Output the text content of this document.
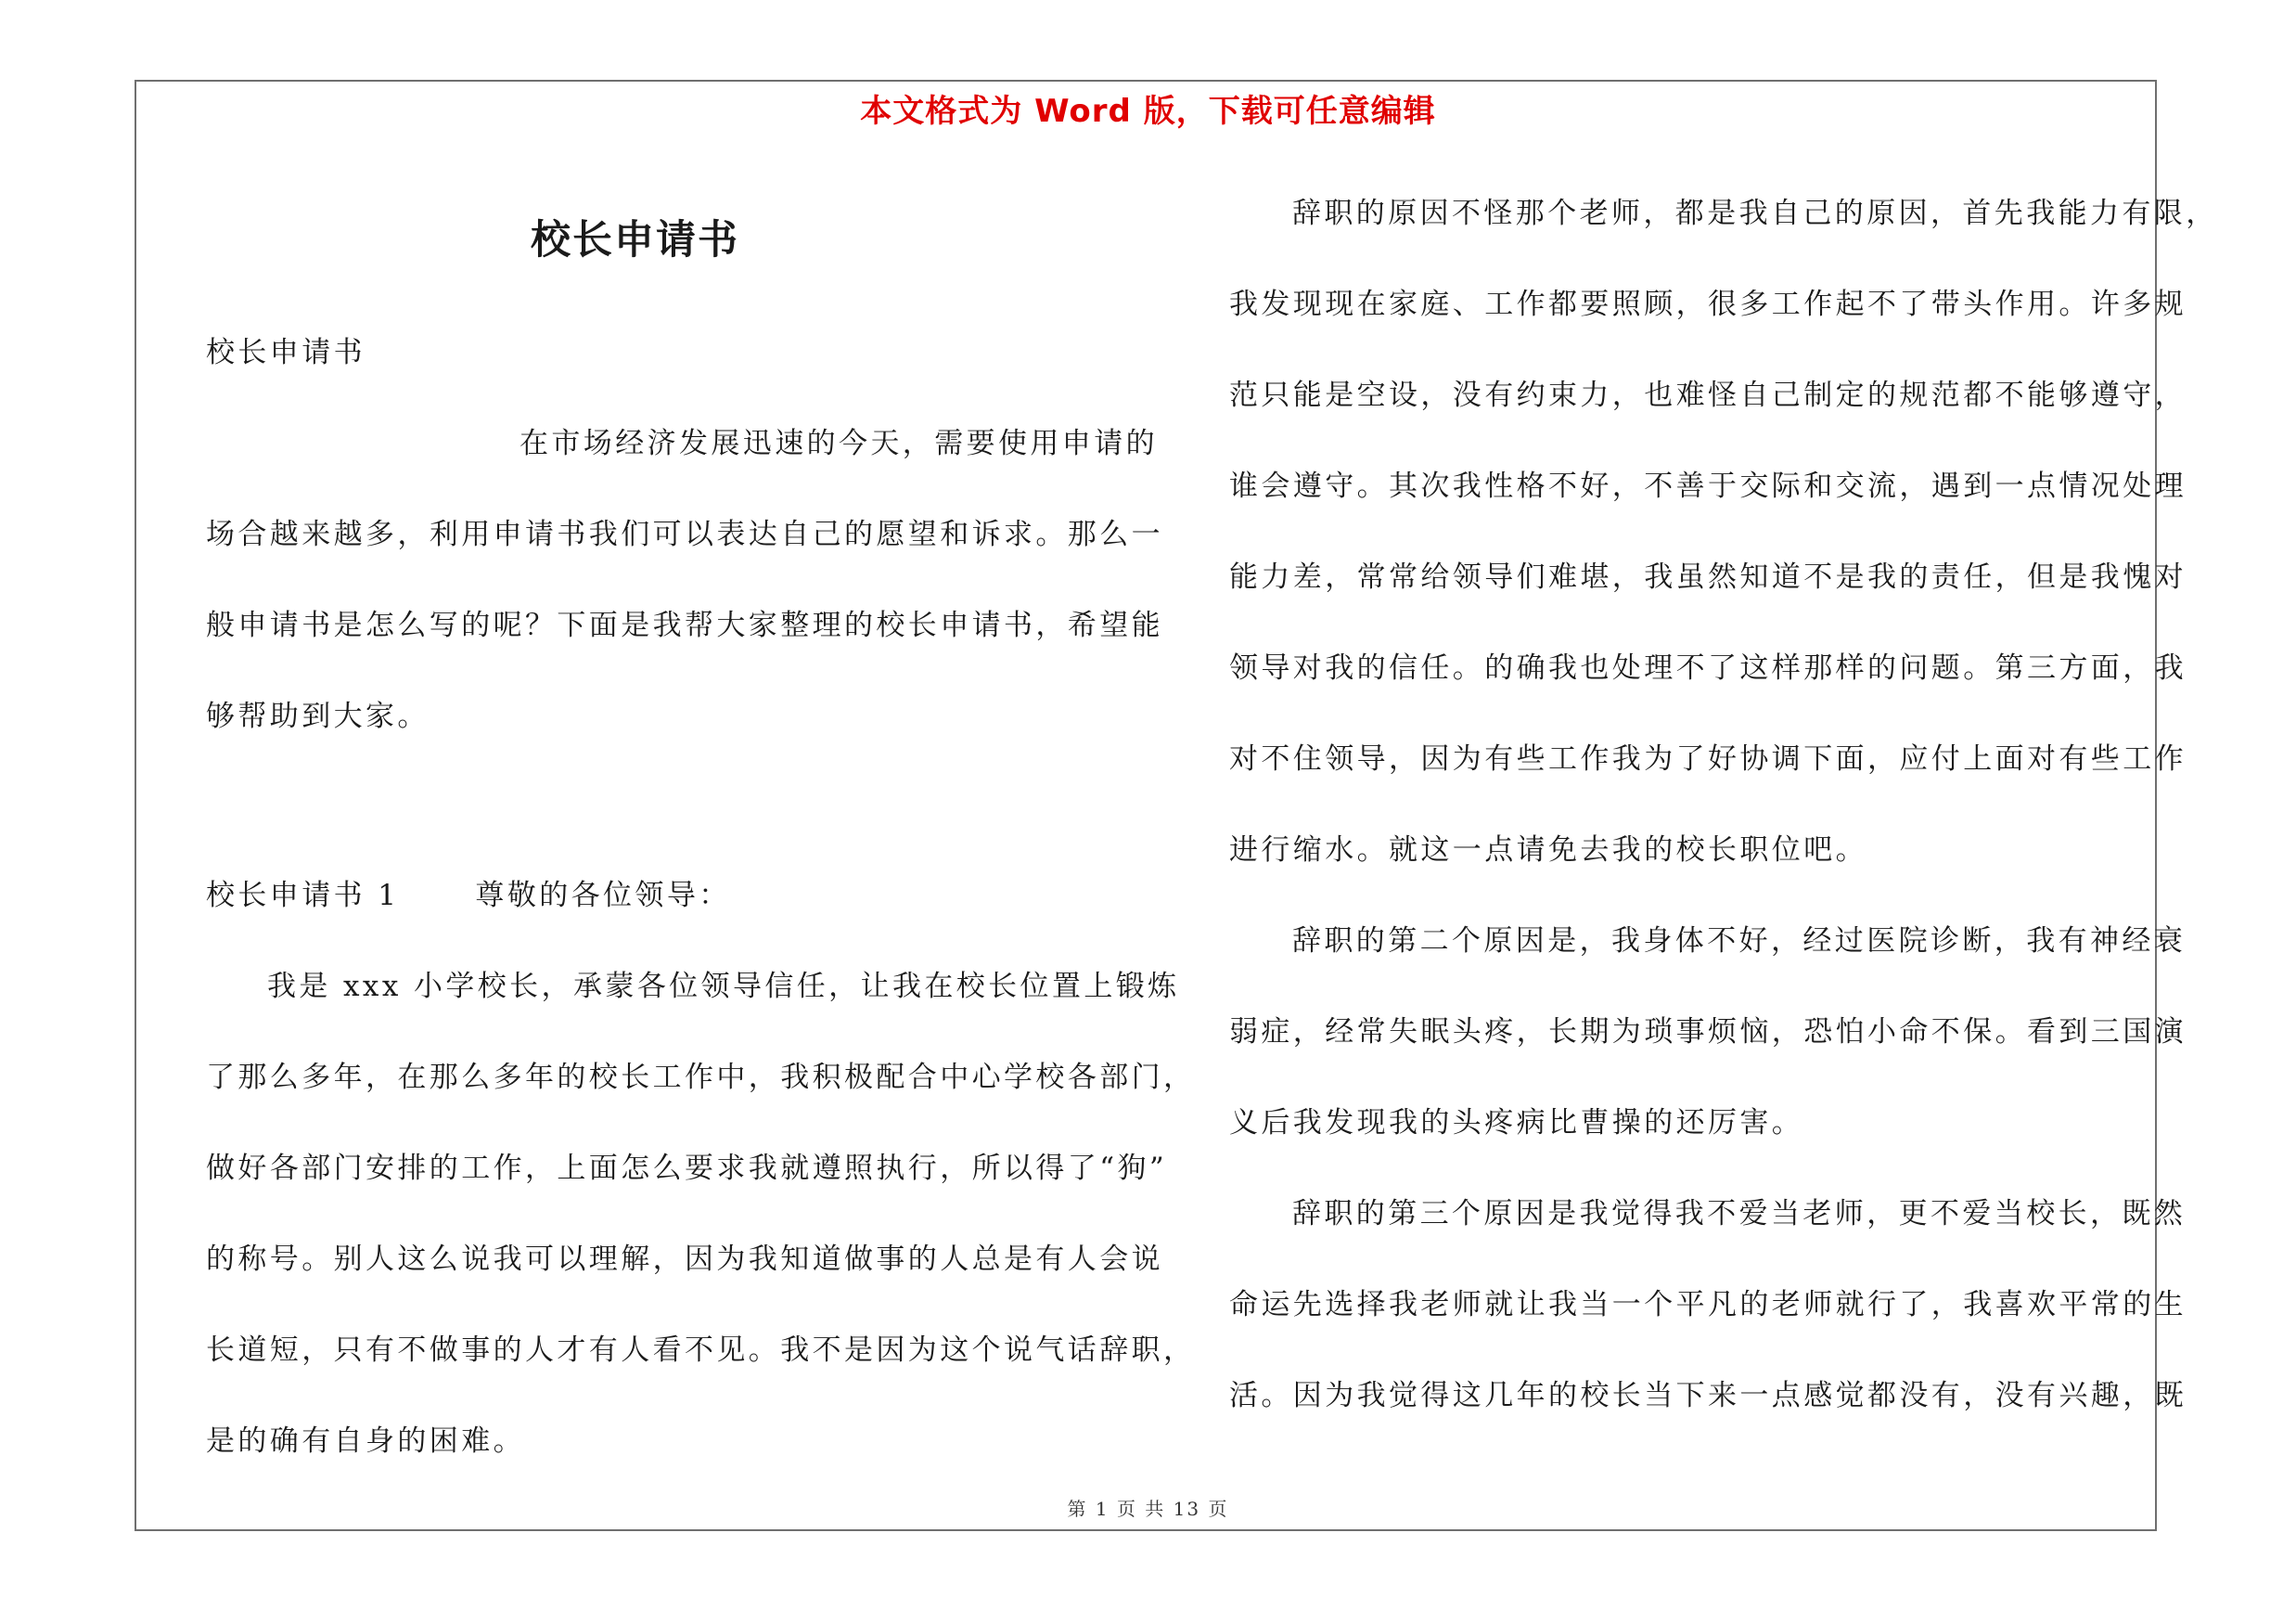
本文格式为 Word 版，下载可任意编辑
校长申请书
校长申请书
在市场经济发展迅速的今天，需要使用申请的
场合越来越多，利用申请书我们可以表达自己的愿望和诉求。那么一
般申请书是怎么写的呢？下面是我帮大家整理的校长申请书，希望能
够帮助到大家。
校长申请书 1 　　尊敬的各位领导：
我是 xxx 小学校长，承蒙各位领导信任，让我在校长位置上锻炼
了那么多年，在那么多年的校长工作中，我积极配合中心学校各部门，
做好各部门安排的工作，上面怎么要求我就遵照执行，所以得了“狗”
的称号。别人这么说我可以理解，因为我知道做事的人总是有人会说
长道短，只有不做事的人才有人看不见。我不是因为这个说气话辞职，
是的确有自身的困难。
辞职的原因不怪那个老师，都是我自己的原因，首先我能力有限，
我发现现在家庭、工作都要照顾，很多工作起不了带头作用。许多规
范只能是空设，没有约束力，也难怪自己制定的规范都不能够遵守，
谁会遵守。其次我性格不好，不善于交际和交流，遇到一点情况处理
能力差，常常给领导们难堪，我虽然知道不是我的责任，但是我愧对
领导对我的信任。的确我也处理不了这样那样的问题。第三方面，我
对不住领导，因为有些工作我为了好协调下面，应付上面对有些工作
进行缩水。就这一点请免去我的校长职位吧。
辞职的第二个原因是，我身体不好，经过医院诊断，我有神经衰
弱症，经常失眠头疼，长期为琐事烦恼，恐怕小命不保。看到三国演
义后我发现我的头疼病比曹操的还厉害。
辞职的第三个原因是我觉得我不爱当老师，更不爱当校长，既然
命运先选择我老师就让我当一个平凡的老师就行了，我喜欢平常的生
活。因为我觉得这几年的校长当下来一点感觉都没有，没有兴趣，既
第 1 页 共 13 页
